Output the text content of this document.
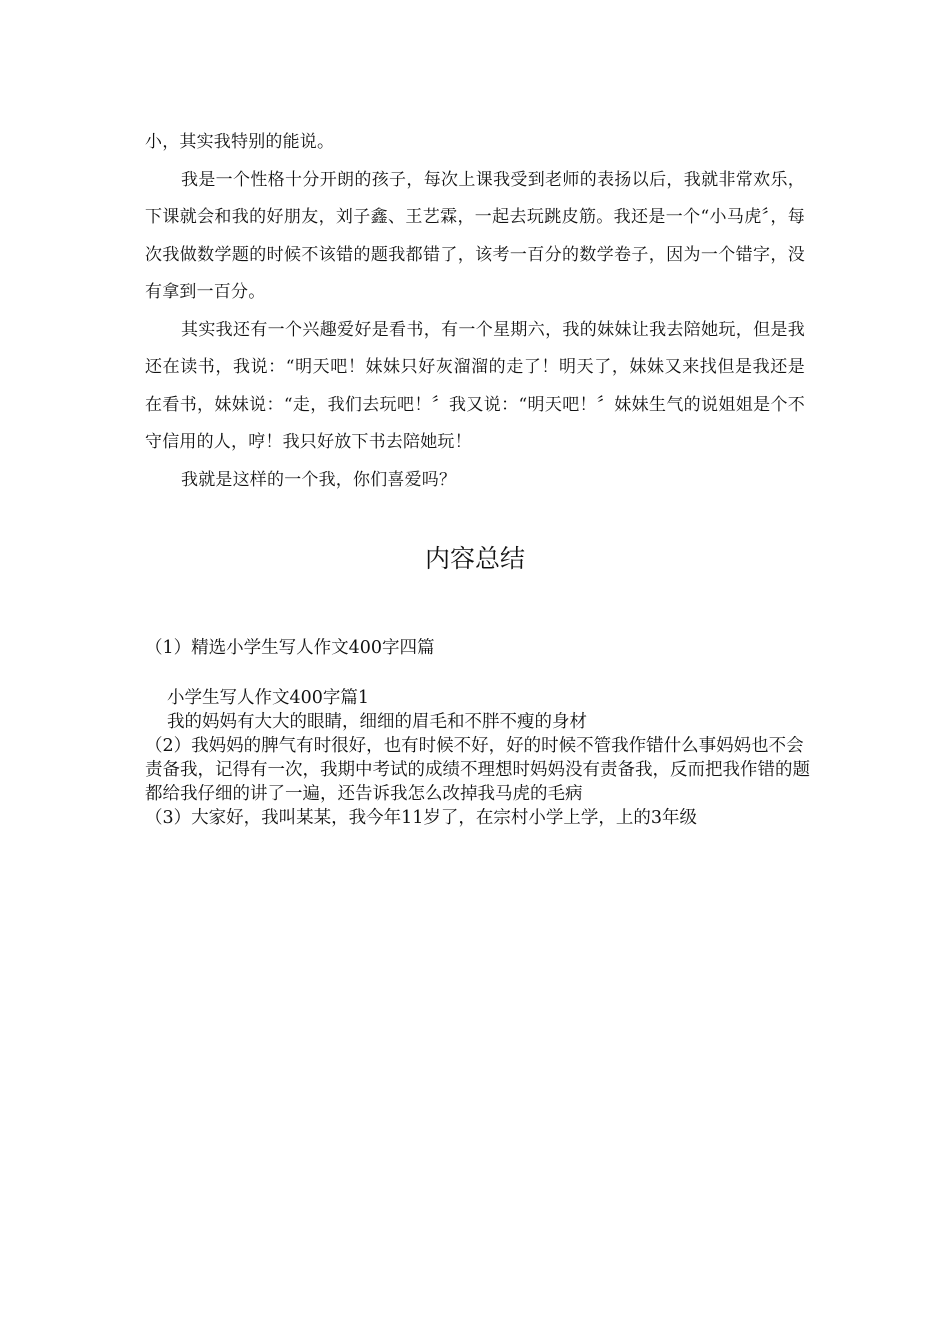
小，其实我特别的能说。

我是一个性格十分开朗的孩子，每次上课我受到老师的表扬以后，我就非常欢乐，下课就会和我的好朋友，刘子鑫、王艺霖，一起去玩跳皮筋。我还是一个“小马虎〞，每次我做数学题的时候不该错的题我都错了，该考一百分的数学卷子，因为一个错字，没有拿到一百分。

其实我还有一个兴趣爱好是看书，有一个星期六，我的妹妹让我去陪她玩，但是我还在读书，我说：“明天吧！妹妹只好灰溜溜的走了！明天了，妹妹又来找但是我还是在看书，妹妹说：“走，我们去玩吧！〞我又说：“明天吧！〞妹妹生气的说姐姐是个不守信用的人，哼！我只好放下书去陪她玩！

我就是这样的一个我，你们喜爱吗？

内容总结

（1）精选小学生写人作文400字四篇

小学生写人作文400字篇1

我的妈妈有大大的眼睛，细细的眉毛和不胖不瘦的身材

（2）我妈妈的脾气有时很好，也有时候不好，好的时候不管我作错什么事妈妈也不会责备我，记得有一次，我期中考试的成绩不理想时妈妈没有责备我，反而把我作错的题都给我仔细的讲了一遍，还告诉我怎么改掉我马虎的毛病

（3）大家好，我叫某某，我今年11岁了，在宗村小学上学，上的3年级
